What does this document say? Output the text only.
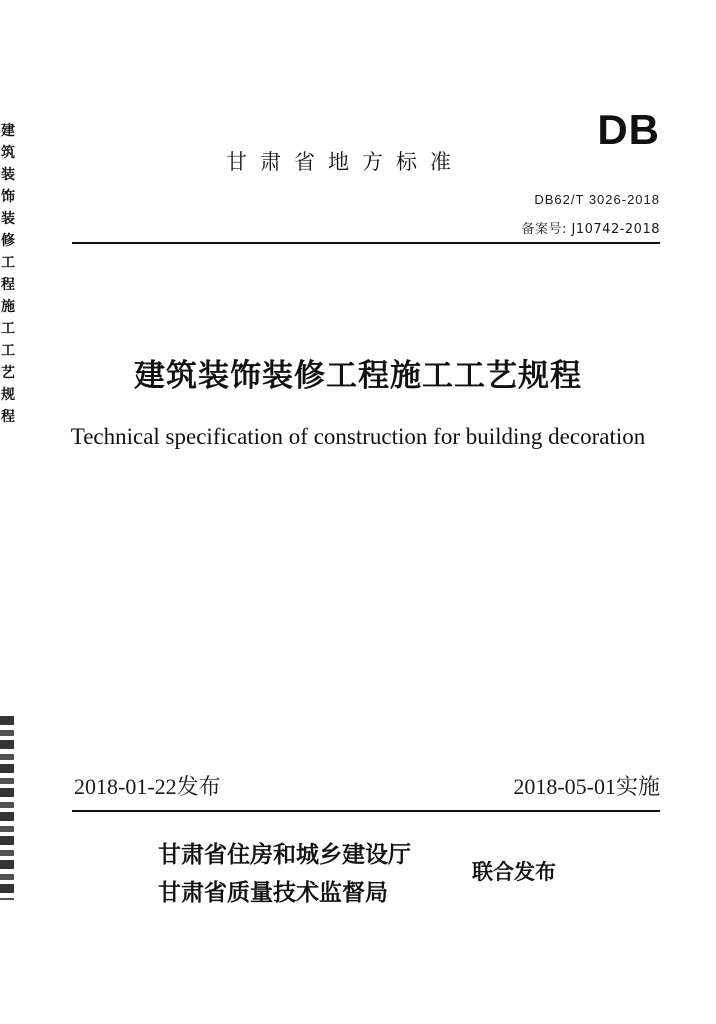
建
筑
装
饰
装
修
工
程
施
工
工
艺
规
程
DB
甘肃省地方标准
DB62/T 3026-2018
备案号: J10742-2018
建筑装饰装修工程施工工艺规程
Technical specification of construction for building decoration
2018-01-22发布	2018-05-01实施
甘肃省住房和城乡建设厅
甘肃省质量技术监督局
联合发布
